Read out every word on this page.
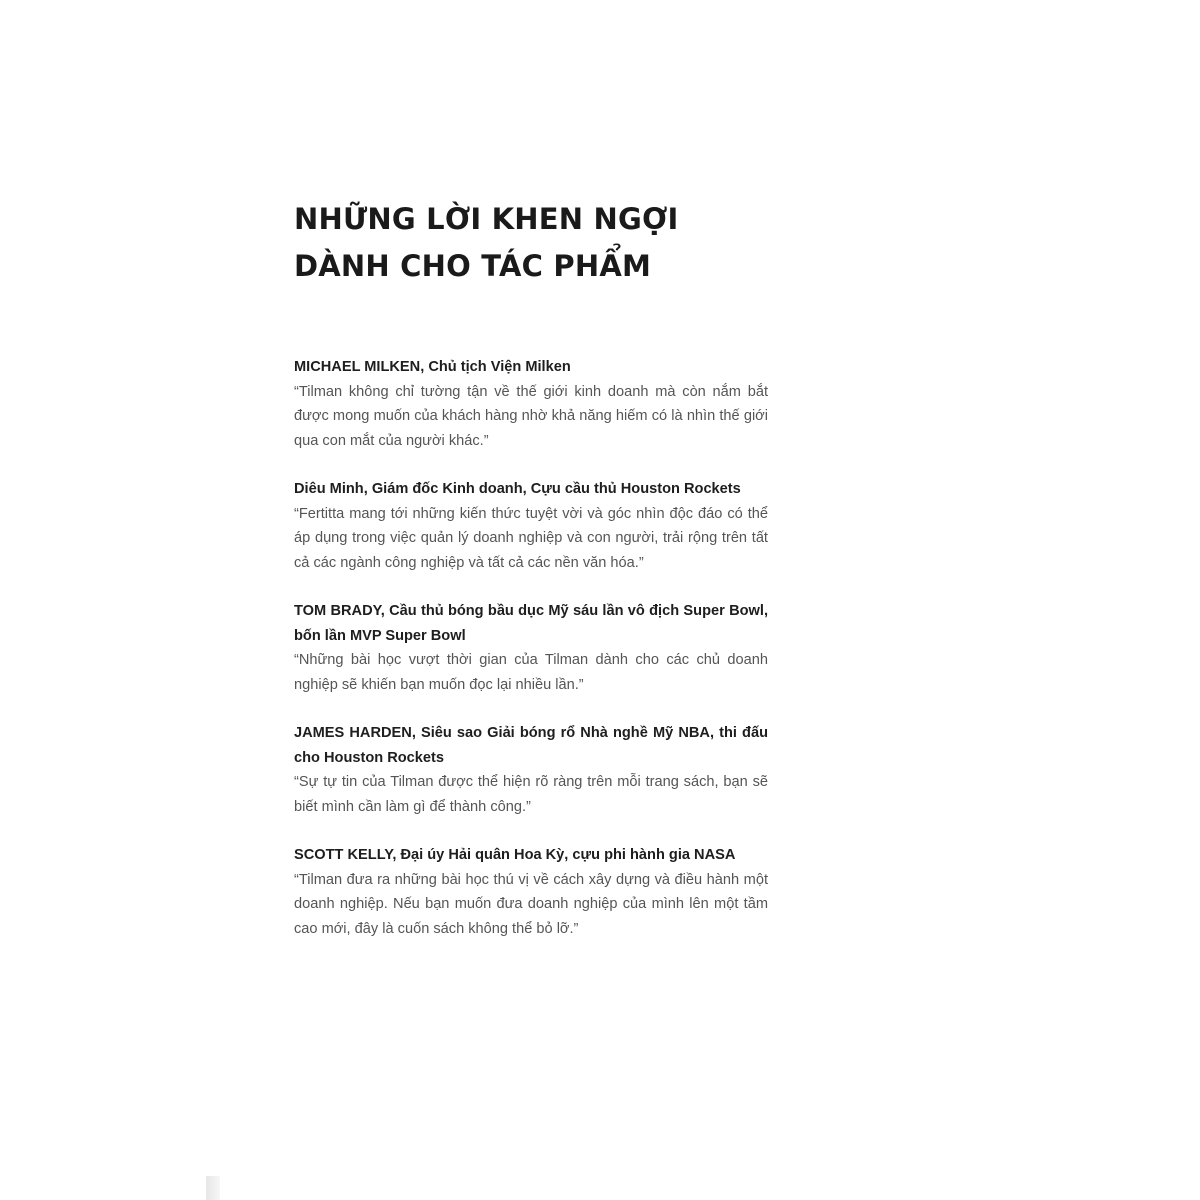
NHỮNG LỜI KHEN NGỢI
DÀNH CHO TÁC PHẨM

MICHAEL MILKEN, Chủ tịch Viện Milken

“Tilman không chỉ tường tận về thế giới kinh doanh mà còn nắm bắt được mong muốn của khách hàng nhờ khả năng hiếm có là nhìn thế giới qua con mắt của người khác.”

Diêu Minh, Giám đốc Kinh doanh, Cựu cầu thủ Houston Rockets

“Fertitta mang tới những kiến thức tuyệt vời và góc nhìn độc đáo có thể áp dụng trong việc quản lý doanh nghiệp và con người, trải rộng trên tất cả các ngành công nghiệp và tất cả các nền văn hóa.”

TOM BRADY, Cầu thủ bóng bầu dục Mỹ sáu lần vô địch Super Bowl, bốn lần MVP Super Bowl

“Những bài học vượt thời gian của Tilman dành cho các chủ doanh nghiệp sẽ khiến bạn muốn đọc lại nhiều lần.”

JAMES HARDEN, Siêu sao Giải bóng rổ Nhà nghề Mỹ NBA, thi đấu cho Houston Rockets

“Sự tự tin của Tilman được thể hiện rõ ràng trên mỗi trang sách, bạn sẽ biết mình cần làm gì để thành công.”

SCOTT KELLY, Đại úy Hải quân Hoa Kỳ, cựu phi hành gia NASA

“Tilman đưa ra những bài học thú vị về cách xây dựng và điều hành một doanh nghiệp. Nếu bạn muốn đưa doanh nghiệp của mình lên một tầm cao mới, đây là cuốn sách không thể bỏ lỡ.”
